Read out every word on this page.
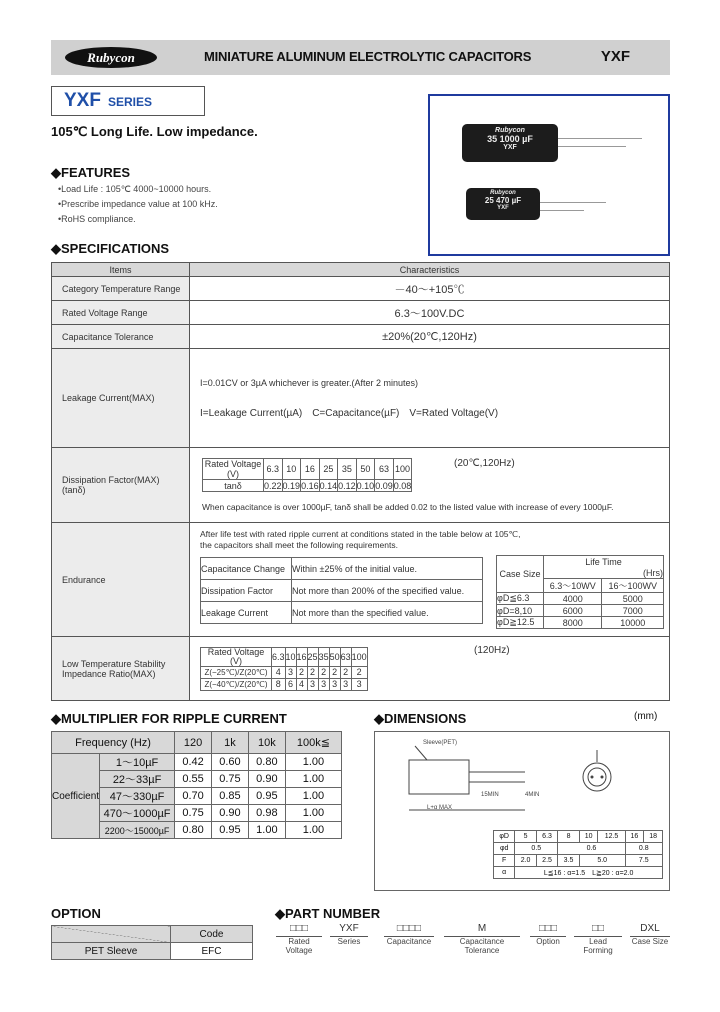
Rubycon	MINIATURE ALUMINUM ELECTROLYTIC CAPACITORS	YXF
YXF SERIES
105℃ Long Life. Low impedance.	Rubycon
35 1000 µF
YXF
Rubycon
25 470 µF
YXF
◆FEATURES
•Load Life : 105℃ 4000~10000 hours.
•Prescribe impedance value at 100 kHz.
•RoHS compliance.
◆SPECIFICATIONS
Items	Characteristics
Category Temperature Range	－40～+105℃
Rated Voltage Range	6.3～100V.DC
Capacitance Tolerance	±20%(20℃,120Hz)
Leakage Current(MAX)	
I=0.01CV or 3µA whichever is greater.(After 2 minutes)
I=Leakage Current(µA)　C=Capacitance(µF)　V=Rated Voltage(V)

Dissipation Factor(MAX)
(tanδ)

Rated Voltage (V)	6.3	10	16	25	35	50	63	100
tanδ	0.22	0.19	0.16	0.14	0.12	0.10	0.09	0.08
(20℃,120Hz)
When capacitance is over 1000µF, tanδ shall be added 0.02 to the listed value with increase of every 1000µF.

Endurance	
After life test with rated ripple current at conditions stated in the table below at 105℃,
the capacitors shall meet the following requirements.
Capacitance Change	Within ±25% of the initial value.
Dissipation Factor	Not more than 200% of the specified value.
Leakage Current	Not more than the specified value.
Case Size	Life Time
(Hrs)
6.3～10WV	16～100WV
φD≦6.3	4000	5000
φD=8,10	6000	7000
φD≧12.5	8000	10000

Low Temperature Stability
Impedance Ratio(MAX)

Rated Voltage
(V)	6.3	10	16	25	35	50	63	100
Z(−25℃)/Z(20℃)	4	3	2	2	2	2	2	2
Z(−40℃)/Z(20℃)	8	6	4	3	3	3	3	3
(120Hz)
◆MULTIPLIER FOR RIPPLE CURRENT
Frequency (Hz)		120	1k	10k	100k≦
Coefficient	1～10µF	0.42	0.60	0.80	1.00
	22～33µF	0.55	0.75	0.90	1.00
	47～330µF	0.70	0.85	0.95	1.00
	470～1000µF	0.75	0.90	0.98	1.00
	2200～15000µF	0.80	0.95	1.00	1.00
◆DIMENSIONS	(mm)
Sleeve(PET)
L+α MAX
15MIN	4MIN
φD	5	6.3	8	10	12.5	16	18
φd	0.5		0.6			0.8	
F	2.0	2.5	3.5	5.0		7.5	
α	L≦16 : α=1.5　L≧20 : α=2.0						
OPTION
	Code
PET Sleeve	EFC
◆PART NUMBER
□□□
Rated Voltage
YXF
Series
□□□□
Capacitance
M
Capacitance Tolerance
□□□
Option
□□
Lead Forming
DXL
Case Size
